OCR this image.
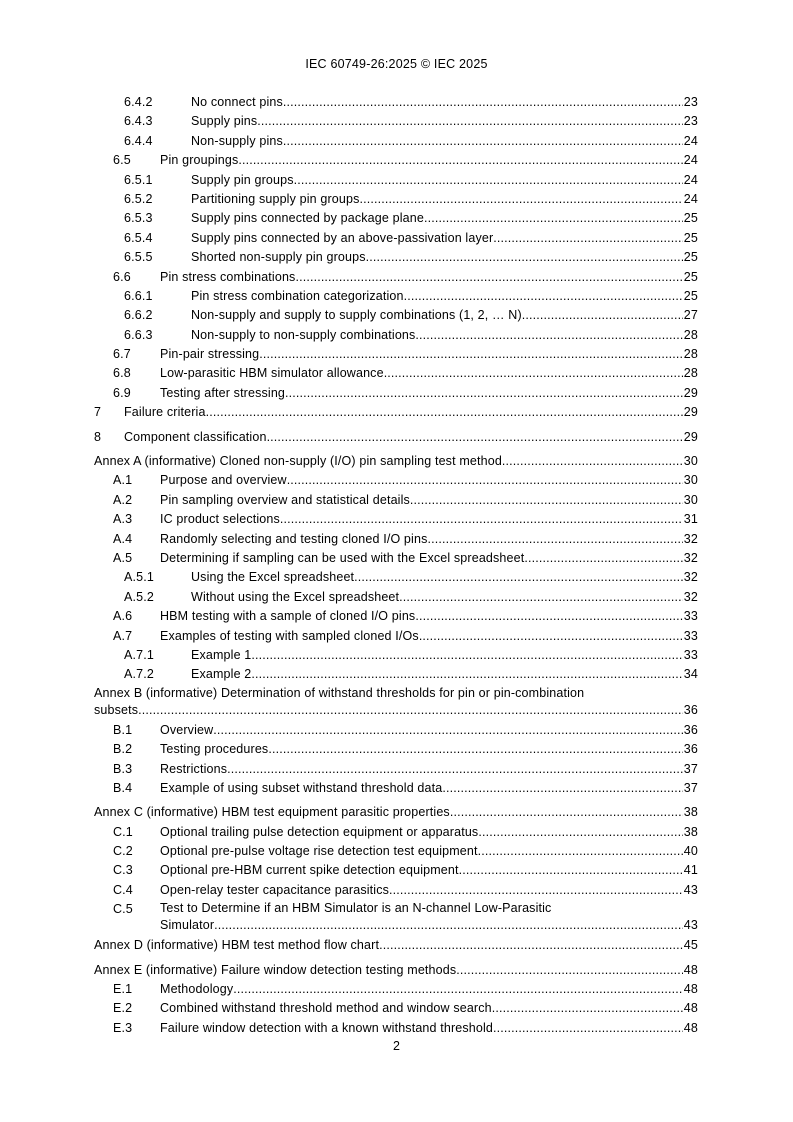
IEC 60749-26:2025 © IEC 2025
6.4.2	No connect pins .....	23
6.4.3	Supply pins .....	23
6.4.4	Non-supply pins .....	24
6.5 Pin groupings .....	24
6.5.1	Supply pin groups .....	24
6.5.2	Partitioning supply pin groups .....	24
6.5.3	Supply pins connected by package plane .....	25
6.5.4	Supply pins connected by an above-passivation layer .....	25
6.5.5	Shorted non-supply pin groups .....	25
6.6 Pin stress combinations .....	25
6.6.1	Pin stress combination categorization .....	25
6.6.2	Non-supply and supply to supply combinations (1, 2, … N) .....	27
6.6.3	Non-supply to non-supply combinations .....	28
6.7 Pin-pair stressing .....	28
6.8 Low-parasitic HBM simulator allowance .....	28
6.9 Testing after stressing .....	29
7 Failure criteria .....	29
8 Component classification .....	29
Annex A (informative) Cloned non-supply (I/O) pin sampling test method .....	30
A.1 Purpose and overview .....	30
A.2 Pin sampling overview and statistical details .....	30
A.3 IC product selections .....	31
A.4 Randomly selecting and testing cloned I/O pins .....	32
A.5 Determining if sampling can be used with the Excel spreadsheet .....	32
A.5.1	Using the Excel spreadsheet .....	32
A.5.2	Without using the Excel spreadsheet .....	32
A.6 HBM testing with a sample of cloned I/O pins .....	33
A.7 Examples of testing with sampled cloned I/Os .....	33
A.7.1	Example 1 .....	33
A.7.2	Example 2 .....	34
Annex B (informative) Determination of withstand thresholds for pin or pin-combination
subsets .....	36
B.1 Overview .....	36
B.2 Testing procedures .....	36
B.3 Restrictions .....	37
B.4 Example of using subset withstand threshold data .....	37
Annex C (informative) HBM test equipment parasitic properties .....	38
C.1 Optional trailing pulse detection equipment or apparatus .....	38
C.2 Optional pre-pulse voltage rise detection test equipment .....	40
C.3 Optional pre-HBM current spike detection equipment .....	41
C.4 Open-relay tester capacitance parasitics .....	43
C.5 Test to Determine if an HBM Simulator is an N-channel Low-Parasitic
Simulator .....	43
Annex D (informative) HBM test method flow chart .....	45
Annex E (informative) Failure window detection testing methods .....	48
E.1 Methodology .....	48
E.2 Combined withstand threshold method and window search .....	48
E.3 Failure window detection with a known withstand threshold .....	48
2
